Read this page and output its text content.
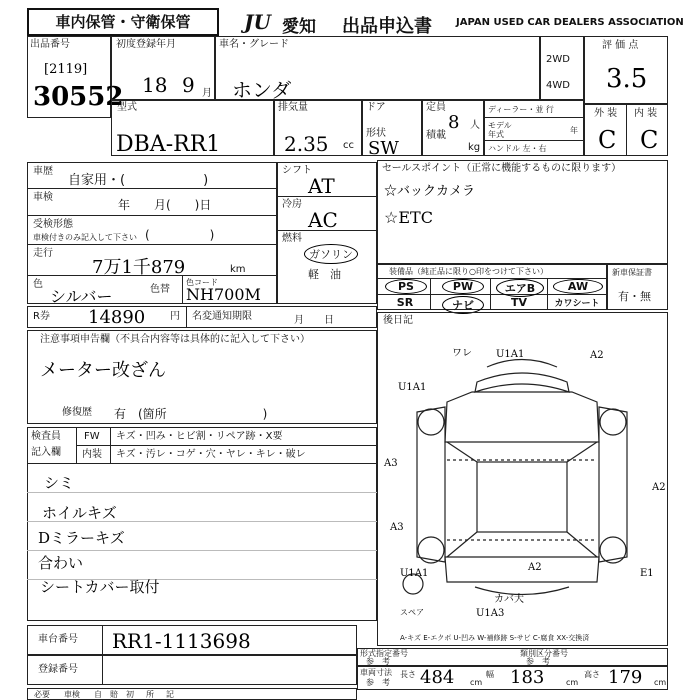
車内保管・守衛保管	JU 愛知 出品申込書 JAPAN USED CAR DEALERS ASSOCIATION
出品番号
[2119]
30552
初度登録年月
18 9 月
車名・グレード
ホンダ
2WD
4WD
評 価 点
3.5
型式
DBA-RR1
排気量
2.35 cc
ドア
形状
SW
定員
8 人
積載
kg
ディーラー・並 行
モデル 年式	年
ハンドル 左・右
外 装 内 装
C C
車歴
自家用・(　　　　　　)
車検
年　　月(　　)日
受検形態
車検付きのみ記入して下さい (　　　　　)
走行
7万1千879	km
色
シルバー	色替
色コード
NH700M
シフト
AT
冷房
AC
燃料
ガソリン
軽　油
R券 14890 円 名変通知期限	月　　日
セールスポイント（正常に機能するものに限ります）
☆バックカメラ
☆ETC
装備品（純正品に限り○印をつけて下さい）
PS	PW	エアB	AW
SR	ナビ	TV	カワシート
新車保証書
有・無
注意事項申告欄（不具合内容等は具体的に記入して下さい）
メーター改ざん
修復歴 有　(箇所　　　　　　　　)
検査員
記入欄
FW キズ・凹み・ヒビ割・リペア跡・X要
内装 キズ・汚レ・コゲ・穴・ヤレ・キレ・破レ
シミ
ホイルキズ
Dミラーキズ
合わい
シートカバー取付
後日記
スペア
A-キズ E-エクボ U-凹み W-補修跡 S-サビ C-腐食 XX-交換済
ワレ U1A1	A2
U1A1
A3
A2
A3
A2
U1A1
カバ大
U1A3
E1
車台番号 RR1-1113698
登録番号
形式指定番号
参　考
類別区分番号
参　考
車両寸法
参　考
長さ 484 cm
幅 183	cm
高さ 179 cm
必要 車検 自　賠 初 所 記
